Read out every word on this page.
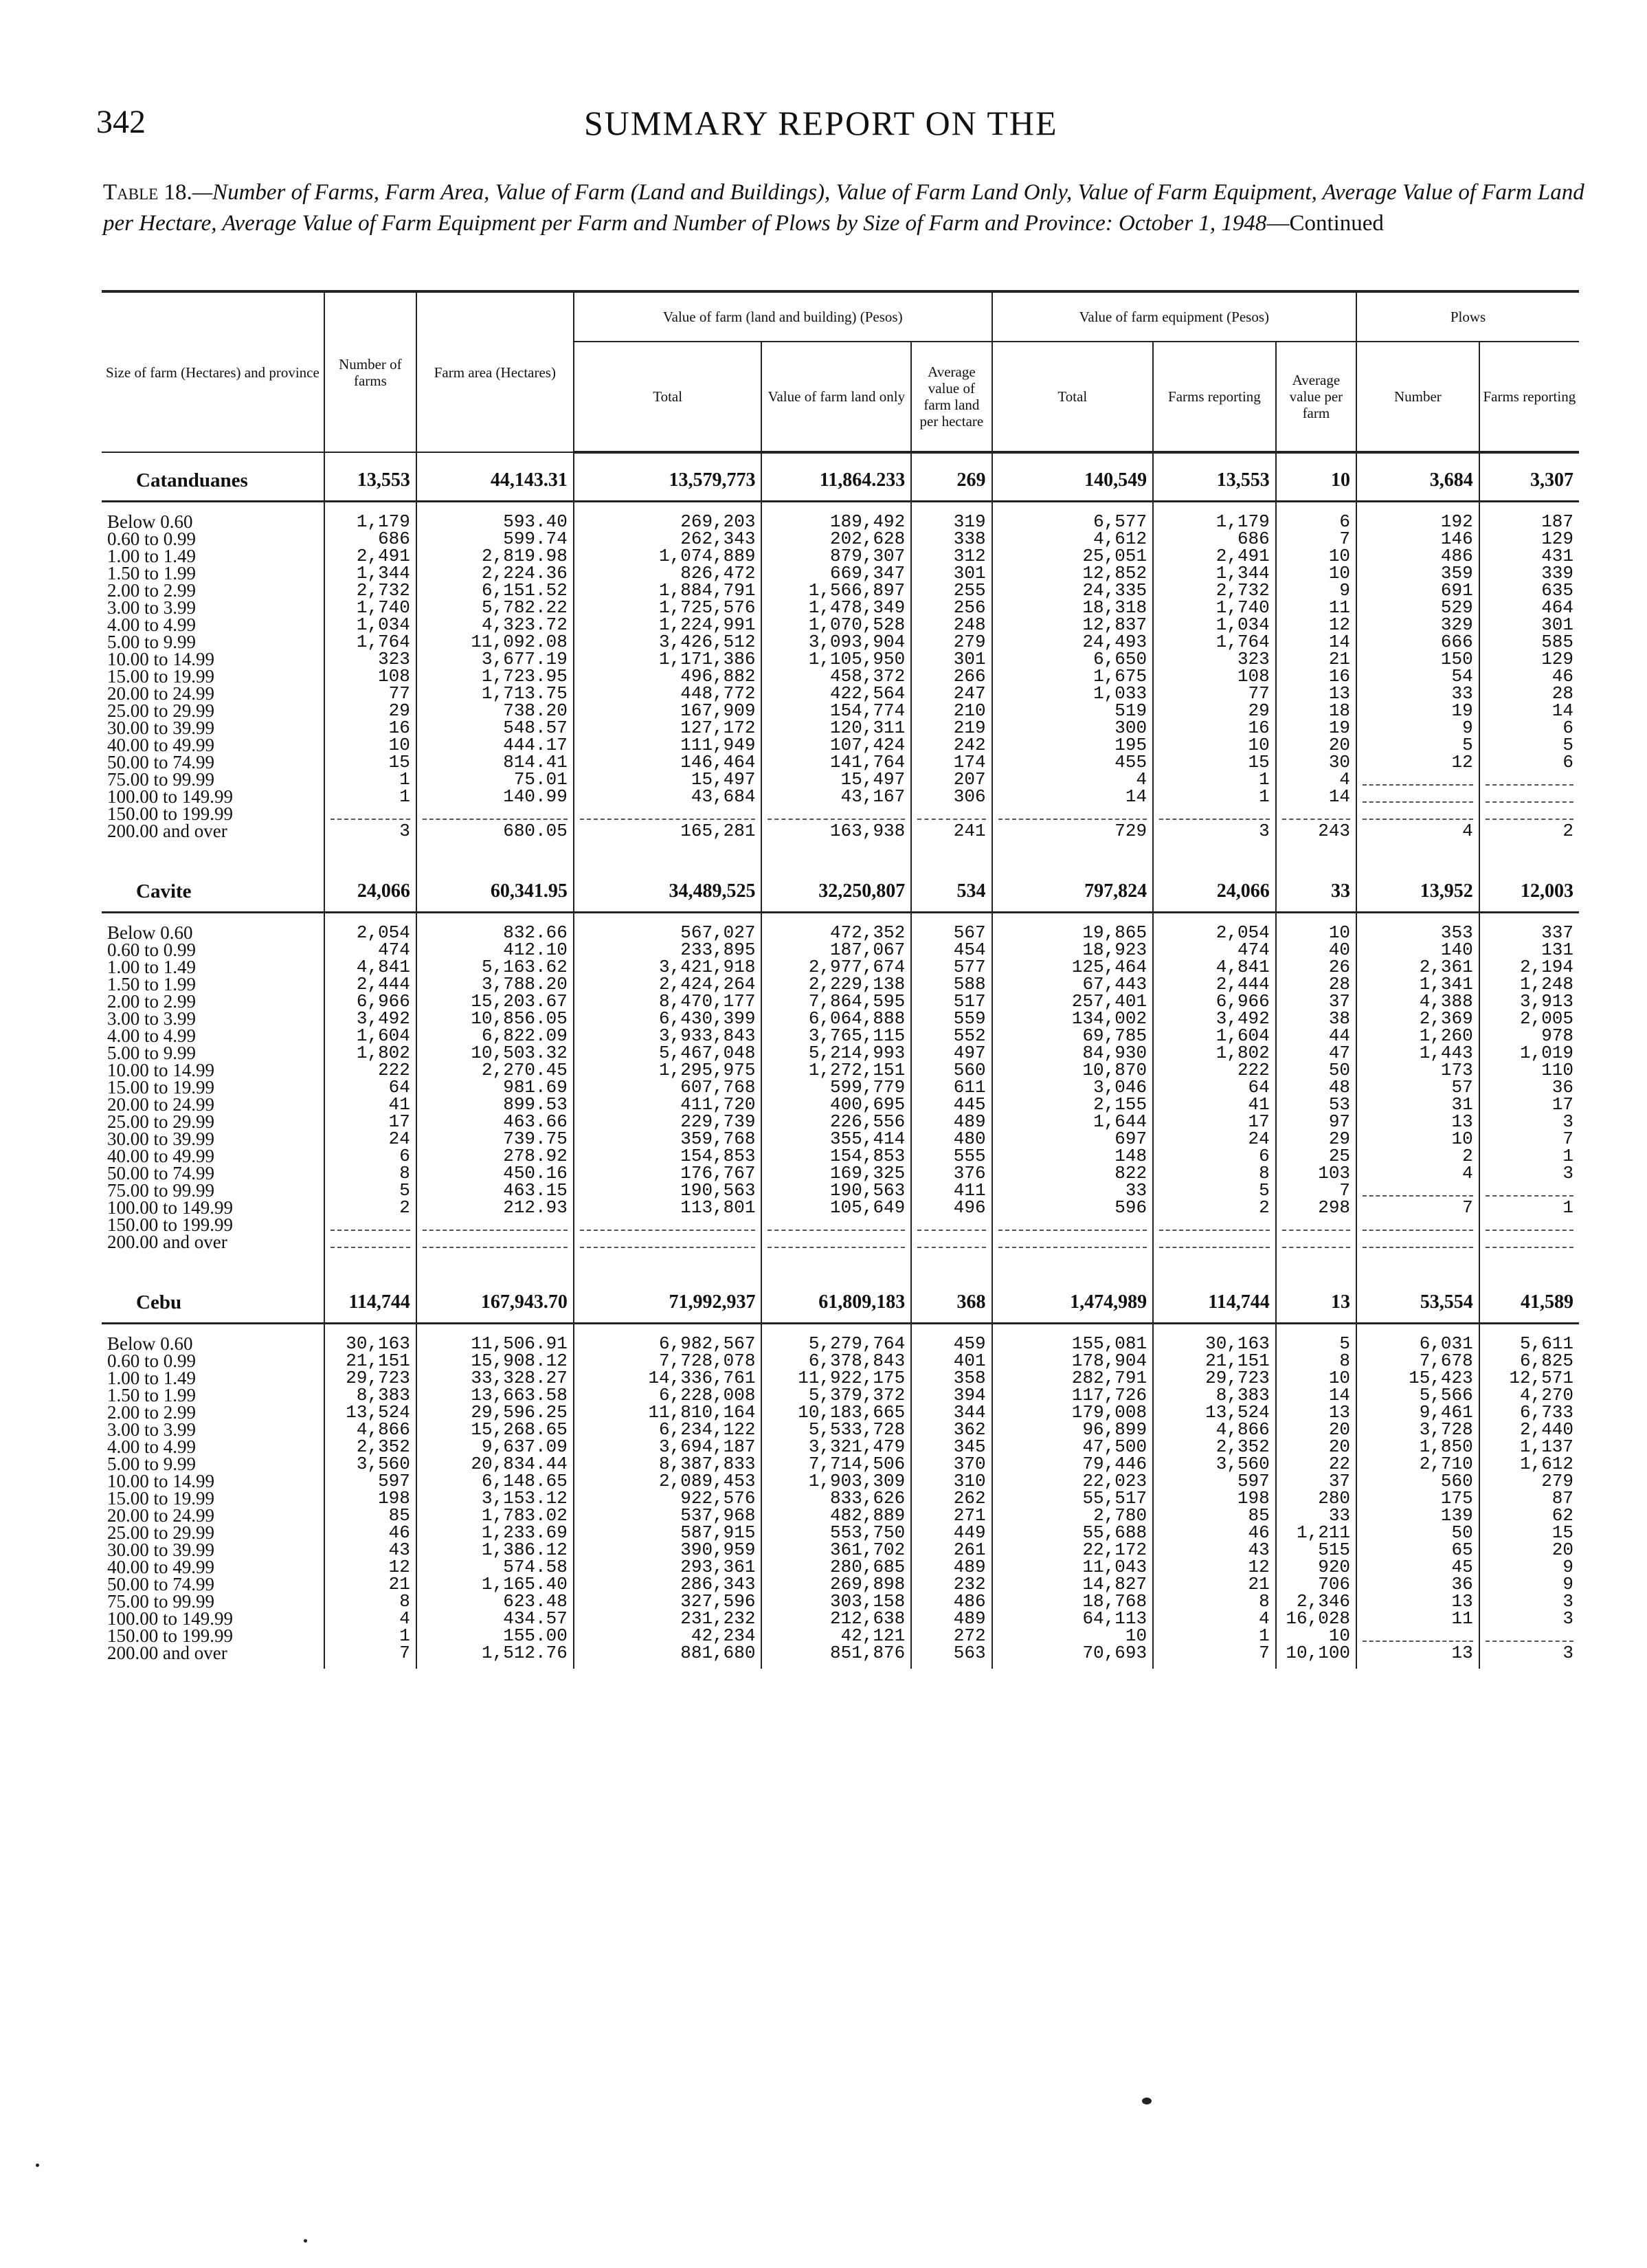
342	SUMMARY REPORT ON THE
Table 18.—Number of Farms, Farm Area, Value of Farm (Land and Buildings), Value of Farm Land Only, Value of Farm Equipment, Average Value of Farm Land per Hectare, Average Value of Farm Equipment per Farm and Number of Plows by Size of Farm and Province: October 1, 1948—Continued
Size of farm (Hectares) and province	Number of farms	Farm area (Hectares)	Value of farm (land and building) (Pesos)			Value of farm equipment (Pesos)			Plows	
			Total	Value of farm land only	Average value of farm land per hectare	Total	Farms reporting	Average value per farm	Number	Farms reporting

Catanduanes	13,553	44,143.31	13,579,773	11,864.233	269	140,549	13,553	10	3,684	3,307

Below 0.60	1,179	593.40	269,203	189,492	319	6,577	1,179	6	192	187
0.60 to 0.99	686	599.74	262,343	202,628	338	4,612	686	7	146	129
1.00 to 1.49	2,491	2,819.98	1,074,889	879,307	312	25,051	2,491	10	486	431
1.50 to 1.99	1,344	2,224.36	826,472	669,347	301	12,852	1,344	10	359	339
2.00 to 2.99	2,732	6,151.52	1,884,791	1,566,897	255	24,335	2,732	9	691	635
3.00 to 3.99	1,740	5,782.22	1,725,576	1,478,349	256	18,318	1,740	11	529	464
4.00 to 4.99	1,034	4,323.72	1,224,991	1,070,528	248	12,837	1,034	12	329	301
5.00 to 9.99	1,764	11,092.08	3,426,512	3,093,904	279	24,493	1,764	14	666	585
10.00 to 14.99	323	3,677.19	1,171,386	1,105,950	301	6,650	323	21	150	129
15.00 to 19.99	108	1,723.95	496,882	458,372	266	1,675	108	16	54	46
20.00 to 24.99	77	1,713.75	448,772	422,564	247	1,033	77	13	33	28
25.00 to 29.99	29	738.20	167,909	154,774	210	519	29	18	19	14
30.00 to 39.99	16	548.57	127,172	120,311	219	300	16	19	9	6
40.00 to 49.99	10	444.17	111,949	107,424	242	195	10	20	5	5
50.00 to 74.99	15	814.41	146,464	141,764	174	455	15	30	12	6
75.00 to 99.99	1	75.01	15,497	15,497	207	4	1	4	

100.00 to 149.99	1	140.99	43,684	43,167	306	14	1	14	

150.00 to 199.99	

200.00 and over	3	680.05	165,281	163,938	241	729	3	243	4	2

Cavite	24,066	60,341.95	34,489,525	32,250,807	534	797,824	24,066	33	13,952	12,003

Below 0.60	2,054	832.66	567,027	472,352	567	19,865	2,054	10	353	337
0.60 to 0.99	474	412.10	233,895	187,067	454	18,923	474	40	140	131
1.00 to 1.49	4,841	5,163.62	3,421,918	2,977,674	577	125,464	4,841	26	2,361	2,194
1.50 to 1.99	2,444	3,788.20	2,424,264	2,229,138	588	67,443	2,444	28	1,341	1,248
2.00 to 2.99	6,966	15,203.67	8,470,177	7,864,595	517	257,401	6,966	37	4,388	3,913
3.00 to 3.99	3,492	10,856.05	6,430,399	6,064,888	559	134,002	3,492	38	2,369	2,005
4.00 to 4.99	1,604	6,822.09	3,933,843	3,765,115	552	69,785	1,604	44	1,260	978
5.00 to 9.99	1,802	10,503.32	5,467,048	5,214,993	497	84,930	1,802	47	1,443	1,019
10.00 to 14.99	222	2,270.45	1,295,975	1,272,151	560	10,870	222	50	173	110
15.00 to 19.99	64	981.69	607,768	599,779	611	3,046	64	48	57	36
20.00 to 24.99	41	899.53	411,720	400,695	445	2,155	41	53	31	17
25.00 to 29.99	17	463.66	229,739	226,556	489	1,644	17	97	13	3
30.00 to 39.99	24	739.75	359,768	355,414	480	697	24	29	10	7
40.00 to 49.99	6	278.92	154,853	154,853	555	148	6	25	2	1
50.00 to 74.99	8	450.16	176,767	169,325	376	822	8	103	4	3
75.00 to 99.99	5	463.15	190,563	190,563	411	33	5	7	

100.00 to 149.99	2	212.93	113,801	105,649	496	596	2	298	7	1
150.00 to 199.99	

200.00 and over	

Cebu	114,744	167,943.70	71,992,937	61,809,183	368	1,474,989	114,744	13	53,554	41,589

Below 0.60	30,163	11,506.91	6,982,567	5,279,764	459	155,081	30,163	5	6,031	5,611
0.60 to 0.99	21,151	15,908.12	7,728,078	6,378,843	401	178,904	21,151	8	7,678	6,825
1.00 to 1.49	29,723	33,328.27	14,336,761	11,922,175	358	282,791	29,723	10	15,423	12,571
1.50 to 1.99	8,383	13,663.58	6,228,008	5,379,372	394	117,726	8,383	14	5,566	4,270
2.00 to 2.99	13,524	29,596.25	11,810,164	10,183,665	344	179,008	13,524	13	9,461	6,733
3.00 to 3.99	4,866	15,268.65	6,234,122	5,533,728	362	96,899	4,866	20	3,728	2,440
4.00 to 4.99	2,352	9,637.09	3,694,187	3,321,479	345	47,500	2,352	20	1,850	1,137
5.00 to 9.99	3,560	20,834.44	8,387,833	7,714,506	370	79,446	3,560	22	2,710	1,612
10.00 to 14.99	597	6,148.65	2,089,453	1,903,309	310	22,023	597	37	560	279
15.00 to 19.99	198	3,153.12	922,576	833,626	262	55,517	198	280	175	87
20.00 to 24.99	85	1,783.02	537,968	482,889	271	2,780	85	33	139	62
25.00 to 29.99	46	1,233.69	587,915	553,750	449	55,688	46	1,211	50	15
30.00 to 39.99	43	1,386.12	390,959	361,702	261	22,172	43	515	65	20
40.00 to 49.99	12	574.58	293,361	280,685	489	11,043	12	920	45	9
50.00 to 74.99	21	1,165.40	286,343	269,898	232	14,827	21	706	36	9
75.00 to 99.99	8	623.48	327,596	303,158	486	18,768	8	2,346	13	3
100.00 to 149.99	4	434.57	231,232	212,638	489	64,113	4	16,028	11	3
150.00 to 199.99	1	155.00	42,234	42,121	272	10	1	10	

200.00 and over	7	1,512.76	881,680	851,876	563	70,693	7	10,100	13	3
